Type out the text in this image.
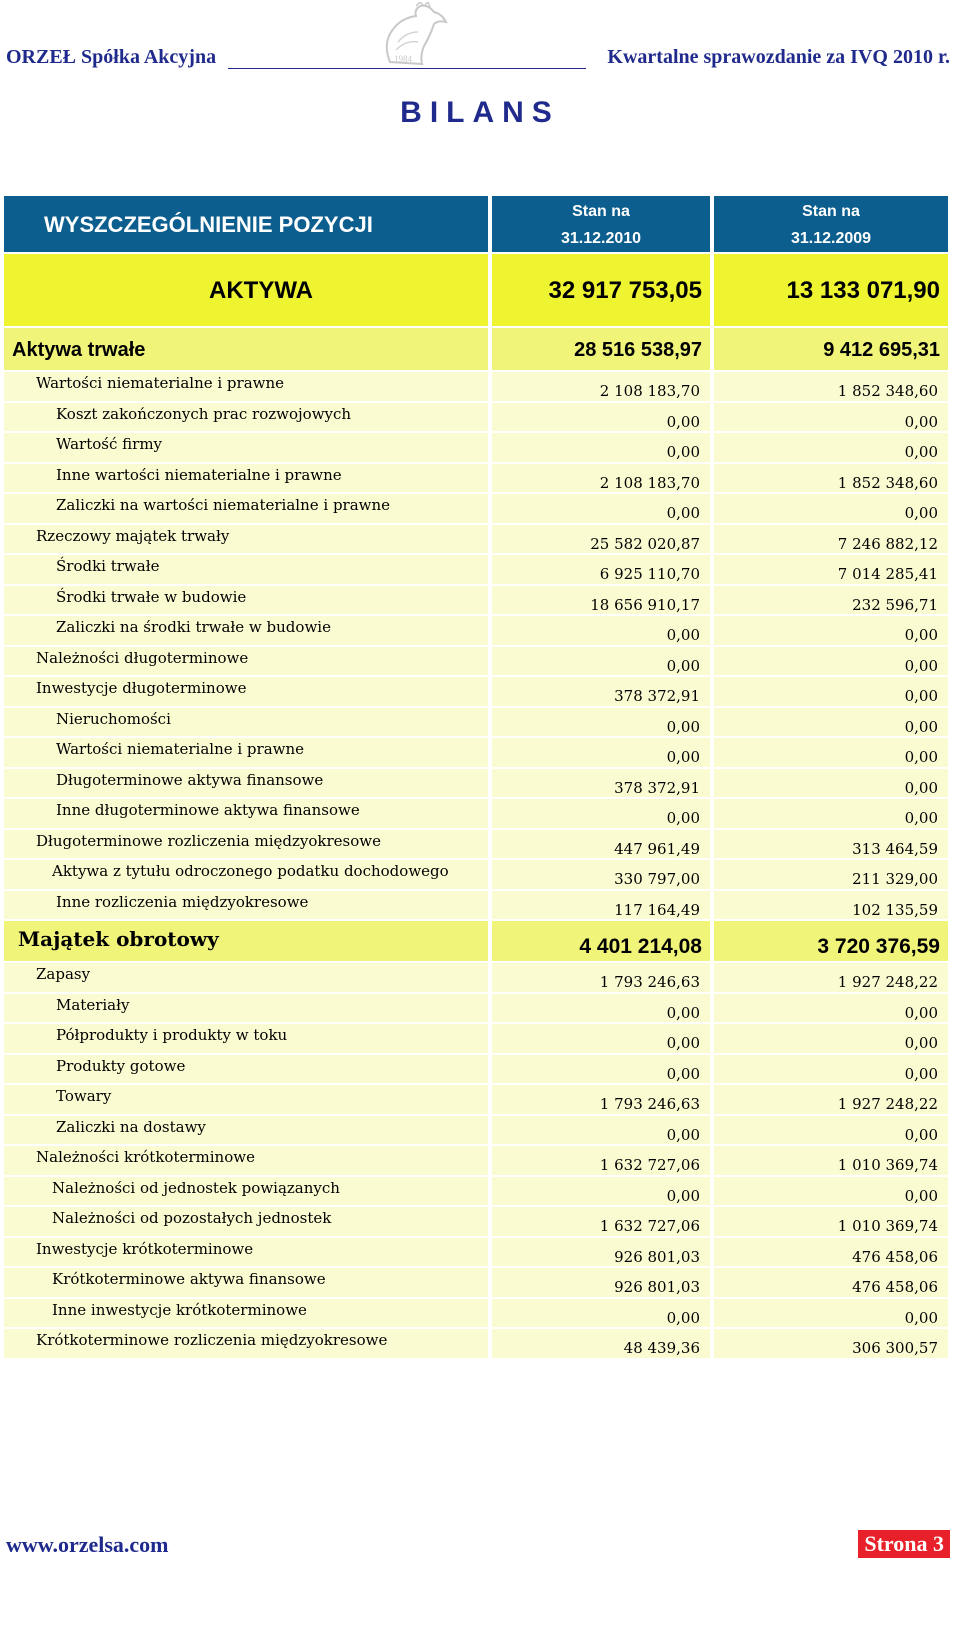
1984
ORZEŁ Spółka Akcyjna	Kwartalne sprawozdanie za IVQ 2010 r.
BILANS
WYSZCZEGÓLNIENIE POZYCJI
Stan na
31.12.2010
Stan na
31.12.2009
AKTYWA	32 917 753,05	13 133 071,90
Aktywa trwałe	28 516 538,97	9 412 695,31
Wartości niematerialne i prawne	2 108 183,70	1 852 348,60
Koszt zakończonych prac rozwojowych	0,00	0,00
Wartość firmy	0,00	0,00
Inne wartości niematerialne i prawne	2 108 183,70	1 852 348,60
Zaliczki na wartości niematerialne i prawne	0,00	0,00
Rzeczowy majątek trwały	25 582 020,87	7 246 882,12
Środki trwałe	6 925 110,70	7 014 285,41
Środki trwałe w budowie	18 656 910,17	232 596,71
Zaliczki na środki trwałe w budowie	0,00	0,00
Należności długoterminowe	0,00	0,00
Inwestycje długoterminowe	378 372,91	0,00
Nieruchomości	0,00	0,00
Wartości niematerialne i prawne	0,00	0,00
Długoterminowe aktywa finansowe	378 372,91	0,00
Inne długoterminowe aktywa finansowe	0,00	0,00
Długoterminowe rozliczenia międzyokresowe	447 961,49	313 464,59
Aktywa z tytułu odroczonego podatku dochodowego	330 797,00	211 329,00
Inne rozliczenia międzyokresowe	117 164,49	102 135,59
Majątek obrotowy	4 401 214,08	3 720 376,59
Zapasy	1 793 246,63	1 927 248,22
Materiały	0,00	0,00
Półprodukty i produkty w toku	0,00	0,00
Produkty gotowe	0,00	0,00
Towary	1 793 246,63	1 927 248,22
Zaliczki na dostawy	0,00	0,00
Należności krótkoterminowe	1 632 727,06	1 010 369,74
Należności od jednostek powiązanych	0,00	0,00
Należności od pozostałych jednostek	1 632 727,06	1 010 369,74
Inwestycje krótkoterminowe	926 801,03	476 458,06
Krótkoterminowe aktywa finansowe	926 801,03	476 458,06
Inne inwestycje krótkoterminowe	0,00	0,00
Krótkoterminowe rozliczenia międzyokresowe	48 439,36	306 300,57
www.orzelsa.com	Strona 3
